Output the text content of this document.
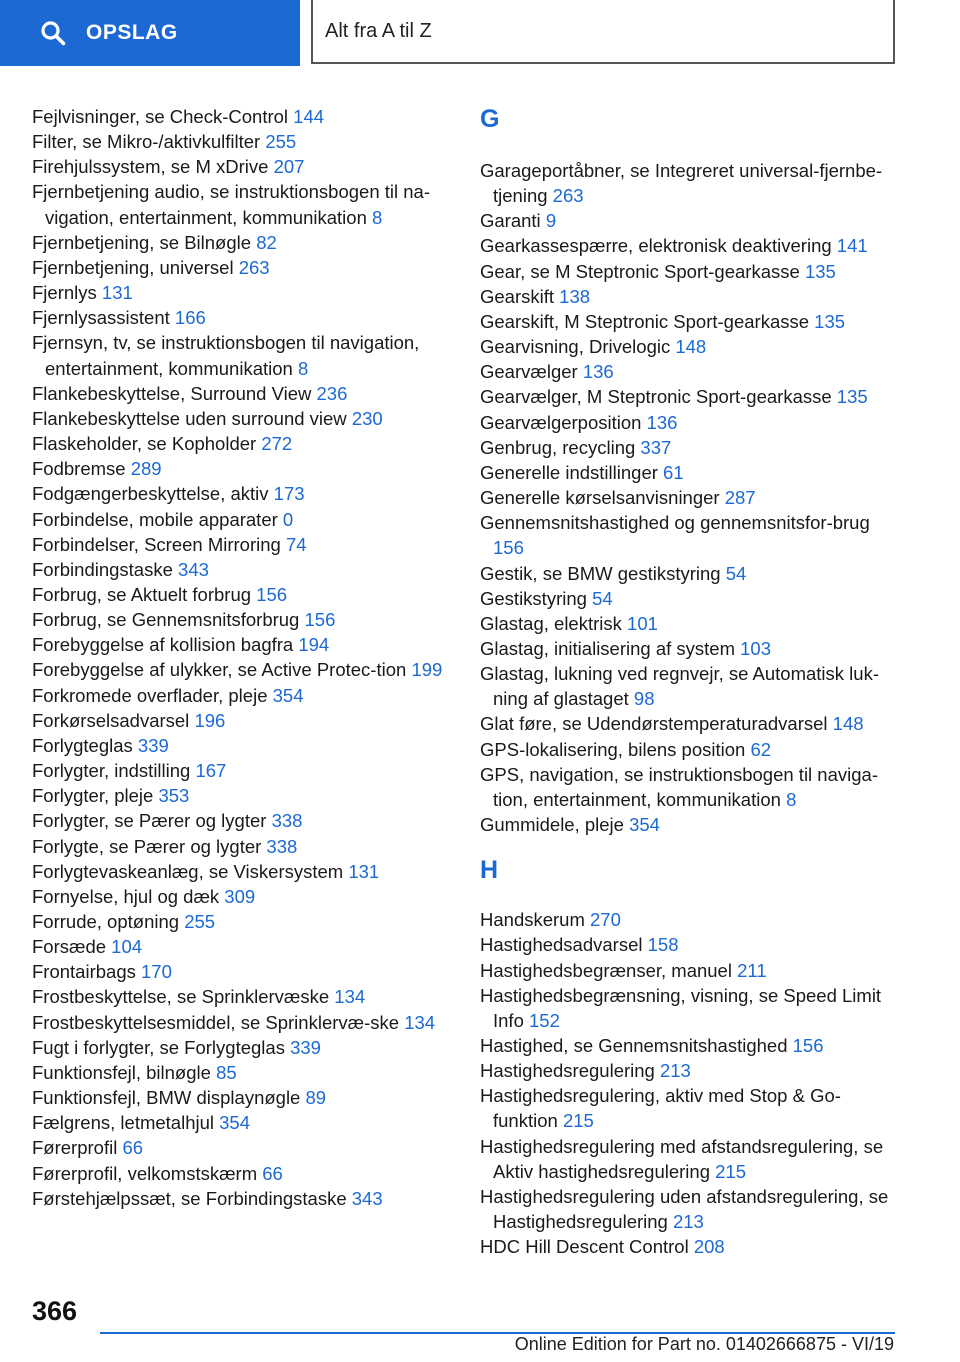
OPSLAG	Alt fra A til Z
Fejlvisninger, se Check-Control 144
Filter, se Mikro-/aktivkulfilter 255
Firehjulssystem, se M xDrive 207
Fjernbetjening audio, se instruktionsbogen til na-vigation, entertainment, kommunikation 8
Fjernbetjening, se Bilnøgle 82
Fjernbetjening, universel 263
Fjernlys 131
Fjernlysassistent 166
Fjernsyn, tv, se instruktionsbogen til navigation, entertainment, kommunikation 8
Flankebeskyttelse, Surround View 236
Flankebeskyttelse uden surround view 230
Flaskeholder, se Kopholder 272
Fodbremse 289
Fodgængerbeskyttelse, aktiv 173
Forbindelse, mobile apparater 0
Forbindelser, Screen Mirroring 74
Forbindingstaske 343
Forbrug, se Aktuelt forbrug 156
Forbrug, se Gennemsnitsforbrug 156
Forebyggelse af kollision bagfra 194
Forebyggelse af ulykker, se Active Protec-tion 199
Forkromede overflader, pleje 354
Forkørselsadvarsel 196
Forlygteglas 339
Forlygter, indstilling 167
Forlygter, pleje 353
Forlygter, se Pærer og lygter 338
Forlygte, se Pærer og lygter 338
Forlygtevaskeanlæg, se Viskersystem 131
Fornyelse, hjul og dæk 309
Forrude, optøning 255
Forsæde 104
Frontairbags 170
Frostbeskyttelse, se Sprinklervæske 134
Frostbeskyttelsesmiddel, se Sprinklervæ-ske 134
Fugt i forlygter, se Forlygteglas 339
Funktionsfejl, bilnøgle 85
Funktionsfejl, BMW displaynøgle 89
Fælgrens, letmetalhjul 354
Førerprofil 66
Førerprofil, velkomstskærm 66
Førstehjælpssæt, se Forbindingstaske 343
G
Garageportåbner, se Integreret universal-fjernbe-tjening 263
Garanti 9
Gearkassespærre, elektronisk deaktivering 141
Gear, se M Steptronic Sport-gearkasse 135
Gearskift 138
Gearskift, M Steptronic Sport-gearkasse 135
Gearvisning, Drivelogic 148
Gearvælger 136
Gearvælger, M Steptronic Sport-gearkasse 135
Gearvælgerposition 136
Genbrug, recycling 337
Generelle indstillinger 61
Generelle kørselsanvisninger 287
Gennemsnitshastighed og gennemsnitsfor-brug 156
Gestik, se BMW gestikstyring 54
Gestikstyring 54
Glastag, elektrisk 101
Glastag, initialisering af system 103
Glastag, lukning ved regnvejr, se Automatisk luk-ning af glastaget 98
Glat føre, se Udendørstemperaturadvarsel 148
GPS-lokalisering, bilens position 62
GPS, navigation, se instruktionsbogen til naviga-tion, entertainment, kommunikation 8
Gummidele, pleje 354
H
Handskerum 270
Hastighedsadvarsel 158
Hastighedsbegrænser, manuel 211
Hastighedsbegrænsning, visning, se Speed Limit Info 152
Hastighed, se Gennemsnitshastighed 156
Hastighedsregulering 213
Hastighedsregulering, aktiv med Stop & Go-funktion 215
Hastighedsregulering med afstandsregulering, se Aktiv hastighedsregulering 215
Hastighedsregulering uden afstandsregulering, se Hastighedsregulering 213
HDC Hill Descent Control 208
366
Online Edition for Part no. 01402666875 - VI/19
